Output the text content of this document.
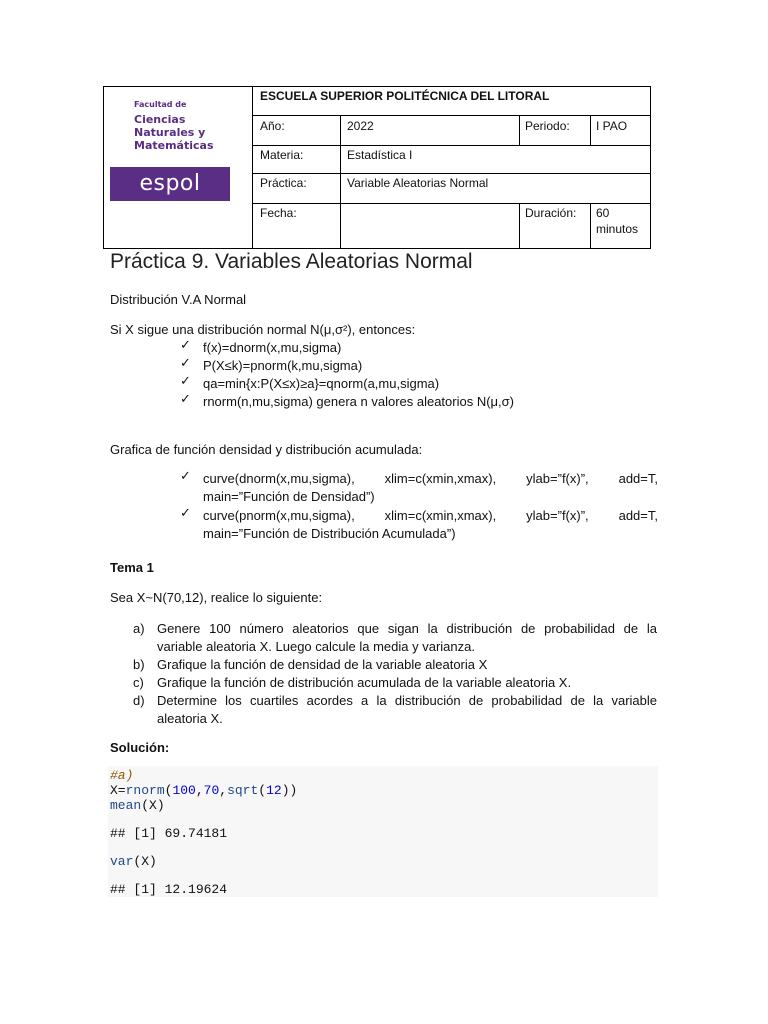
Facultad de
Ciencias
Naturales y
Matemáticas
espol
ESCUELA SUPERIOR POLITÉCNICA DEL LITORAL
Año:	2022	Periodo: I PAO
Materia:	Estadística I
Práctica:	Variable Aleatorias Normal
Fecha:	Duración: 60
minutos
Práctica 9. Variables Aleatorias Normal
Distribución V.A Normal
Si X sigue una distribución normal N(μ,σ²), entonces:
✓ f(x)=dnorm(x,mu,sigma)
✓ P(X≤k)=pnorm(k,mu,sigma)
✓ qa=min{x:P(X≤x)≥a}=qnorm(a,mu,sigma)
✓ rnorm(n,mu,sigma) genera n valores aleatorios N(μ,σ)
Grafica de función densidad y distribución acumulada:
✓ curve(dnorm(x,mu,sigma), xlim=c(xmin,xmax), ylab=”f(x)”, add=T,
main=”Función de Densidad”)
✓ curve(pnorm(x,mu,sigma), xlim=c(xmin,xmax), ylab=”f(x)”, add=T,
main=”Función de Distribución Acumulada”)
Tema 1
Sea X~N(70,12), realice lo siguiente:
a) Genere 100 número aleatorios que sigan la distribución de probabilidad de la
variable aleatoria X. Luego calcule la media y varianza.
b) Grafique la función de densidad de la variable aleatoria X
c) Grafique la función de distribución acumulada de la variable aleatoria X.
d) Determine los cuartiles acordes a la distribución de probabilidad de la variable
aleatoria X.
Solución:
#a)
X=rnorm(100,70,sqrt(12))
mean(X)
## [1] 69.74181
var(X)
## [1] 12.19624
